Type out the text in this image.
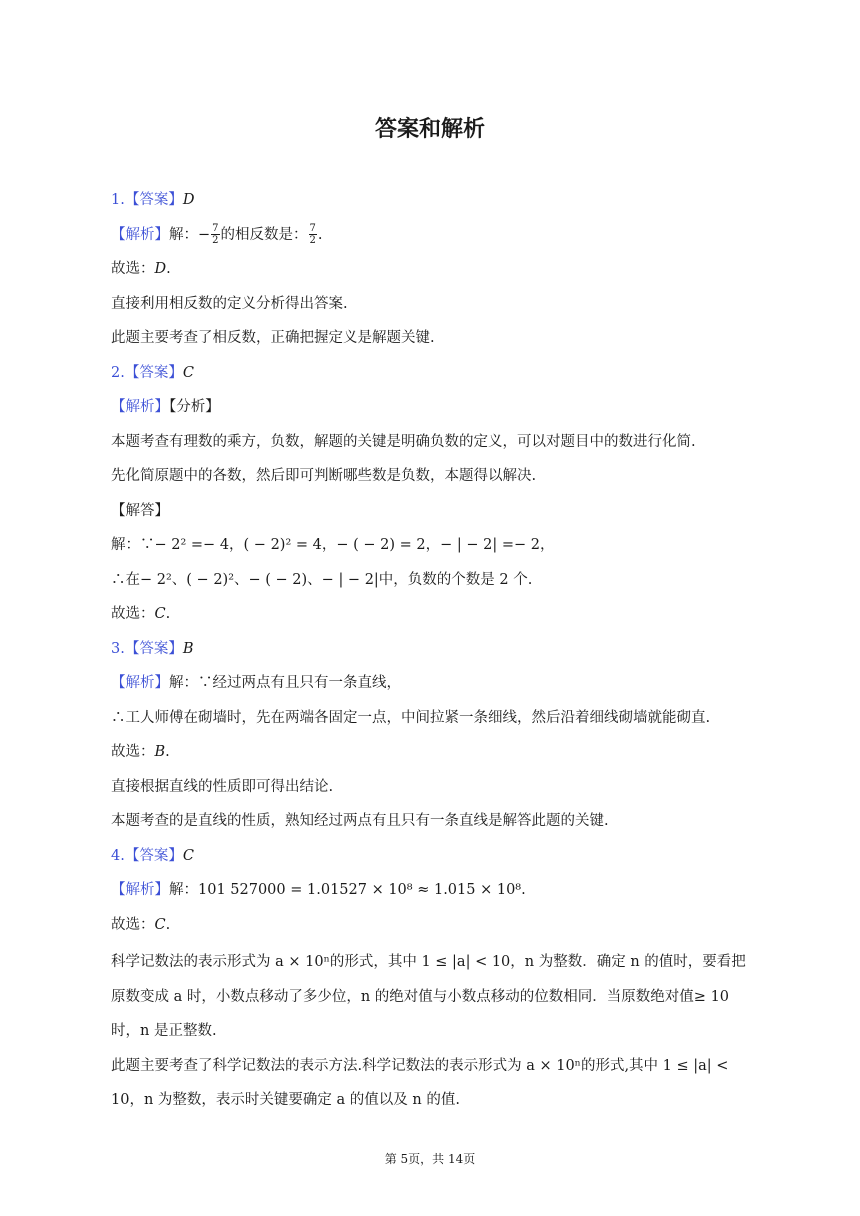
答案和解析
1.【答案】D
【解析】解：− $\frac{7}{2}$ 的相反数是： $\frac{7}{2}$ .
故选：D.
直接利用相反数的定义分析得出答案.
此题主要考查了相反数，正确把握定义是解题关键.
2.【答案】C
【解析】【分析】
本题考查有理数的乘方，负数，解题的关键是明确负数的定义，可以对题目中的数进行化简.
先化简原题中的各数，然后即可判断哪些数是负数，本题得以解决.
【解答】
解：∵− 2² =− 4，( − 2)² = 4，− ( − 2) = 2，− | − 2| =− 2，
∴在− 2²、( − 2)²、− ( − 2)、− | − 2|中，负数的个数是 2 个.
故选：C.
3.【答案】B
【解析】解：∵经过两点有且只有一条直线，
∴工人师傅在砌墙时，先在两端各固定一点，中间拉紧一条细线，然后沿着细线砌墙就能砌直.
故选：B.
直接根据直线的性质即可得出结论.
本题考查的是直线的性质，熟知经过两点有且只有一条直线是解答此题的关键.
4.【答案】C
【解析】解：101 527000 = 1.01527 × 10⁸ ≈ 1.015 × 10⁸.
故选：C.
科学记数法的表示形式为 a × 10ⁿ的形式，其中 1 ≤ |a| < 10，n 为整数．确定 n 的值时，要看把原数变成 a 时，小数点移动了多少位，n 的绝对值与小数点移动的位数相同．当原数绝对值≥ 10 时，n 是正整数.
此题主要考查了科学记数法的表示方法.科学记数法的表示形式为 a × 10ⁿ的形式,其中 1 ≤ |a| < 10，n 为整数，表示时关键要确定 a 的值以及 n 的值.
第 5页，共 14页
